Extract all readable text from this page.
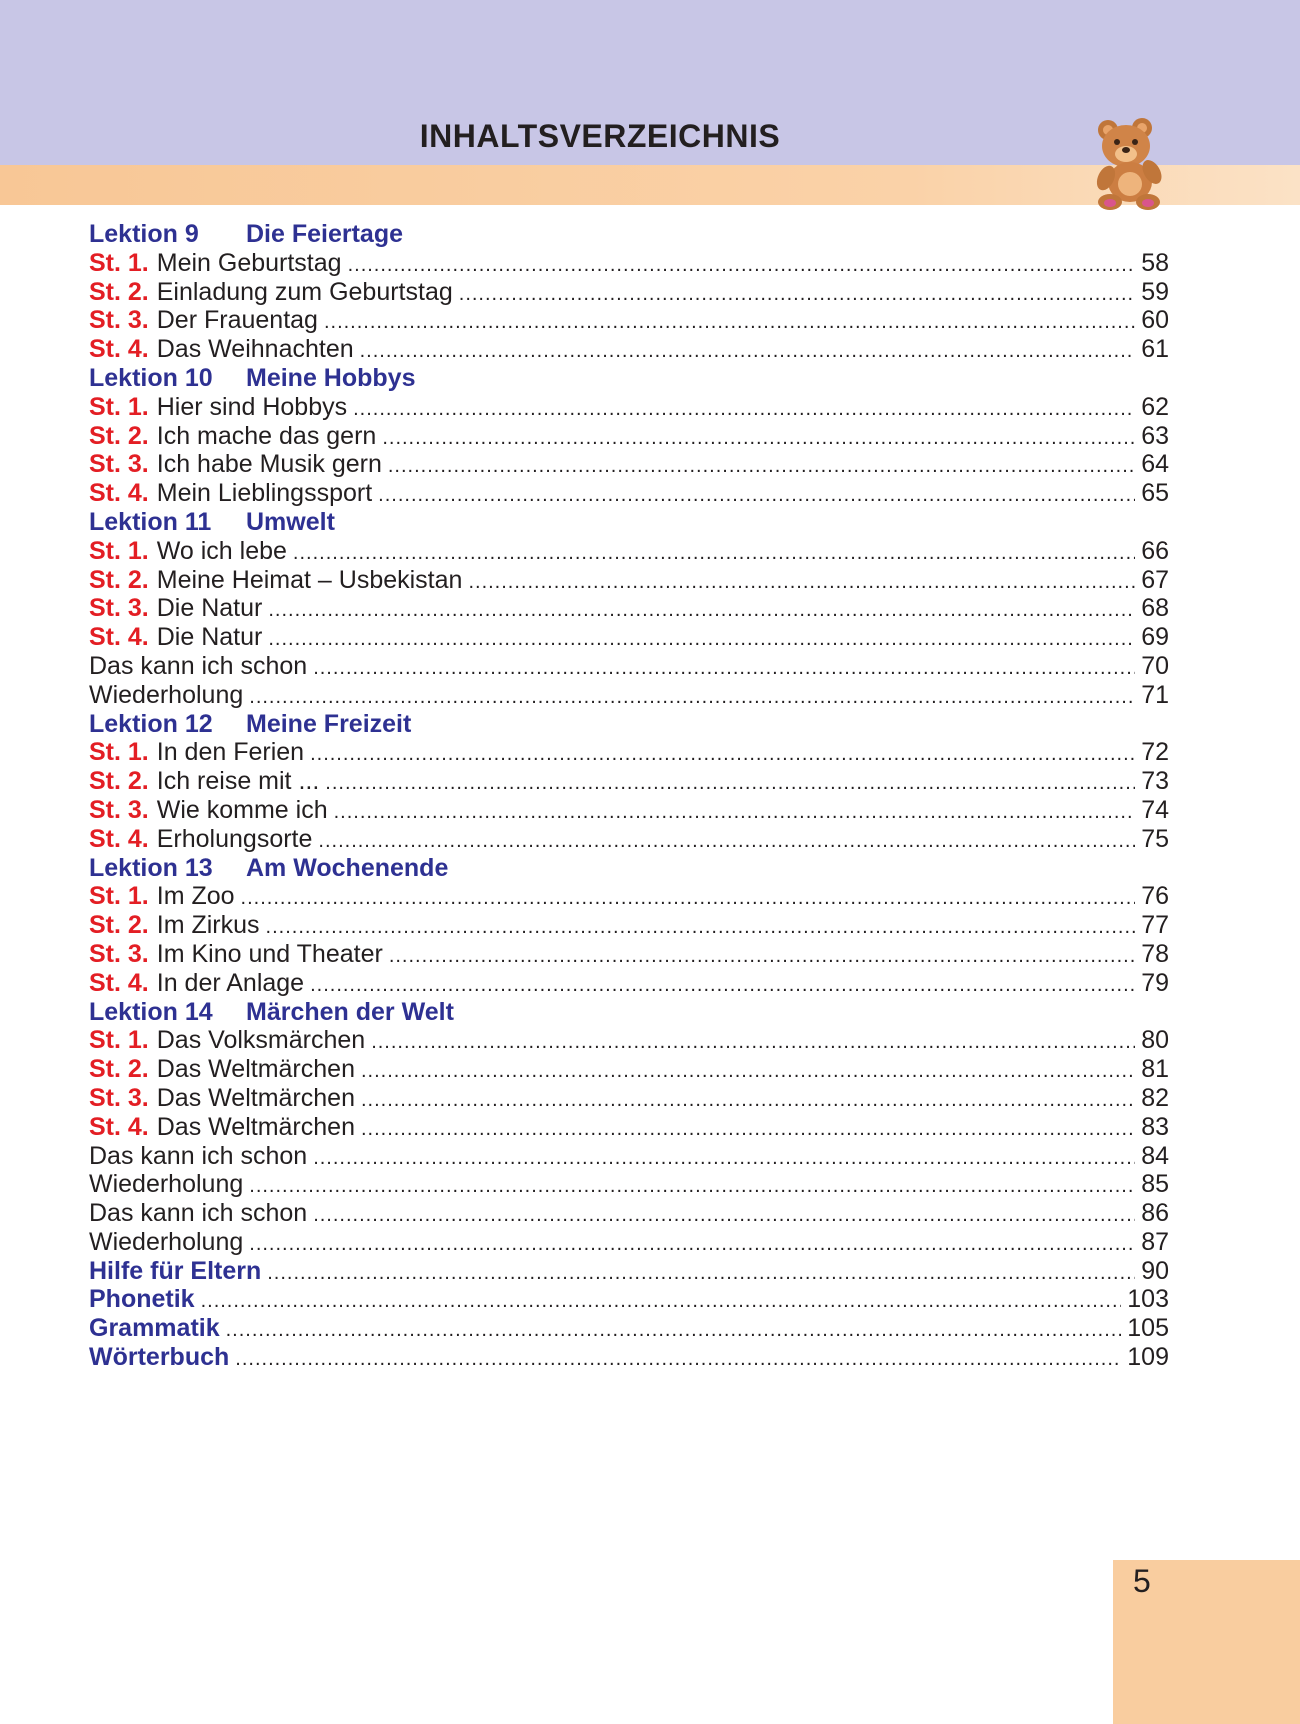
INHALTSVERZEICHNIS
Lektion 9	Die Feiertage
St. 1. Mein Geburtstag .....	58
St. 2. Einladung zum Geburtstag .....	59
St. 3. Der Frauentag .....	60
St. 4. Das Weihnachten .....	61
Lektion 10	Meine Hobbys
St. 1. Hier sind Hobbys .....	62
St. 2. Ich mache das gern .....	63
St. 3. Ich habe Musik gern .....	64
St. 4. Mein Lieblingssport .....	65
Lektion 11	Umwelt
St. 1. Wo ich lebe .....	66
St. 2. Meine Heimat – Usbekistan .....	67
St. 3. Die Natur .....	68
St. 4. Die Natur .....	69
Das kann ich schon .....	70
Wiederholung .....	71
Lektion 12	Meine Freizeit
St. 1. In den Ferien .....	72
St. 2. Ich reise mit ... .....	73
St. 3. Wie komme ich .....	74
St. 4. Erholungsorte .....	75
Lektion 13	Am Wochenende
St. 1. Im Zoo .....	76
St. 2. Im Zirkus .....	77
St. 3. Im Kino und Theater .....	78
St. 4. In der Anlage .....	79
Lektion 14	Märchen der Welt
St. 1. Das Volksmärchen .....	80
St. 2. Das Weltmärchen .....	81
St. 3. Das Weltmärchen .....	82
St. 4. Das Weltmärchen .....	83
Das kann ich schon .....	84
Wiederholung .....	85
Das kann ich schon .....	86
Wiederholung .....	87
Hilfe für Eltern .....	90
Phonetik .....	103
Grammatik .....	105
Wörterbuch .....	109
5
